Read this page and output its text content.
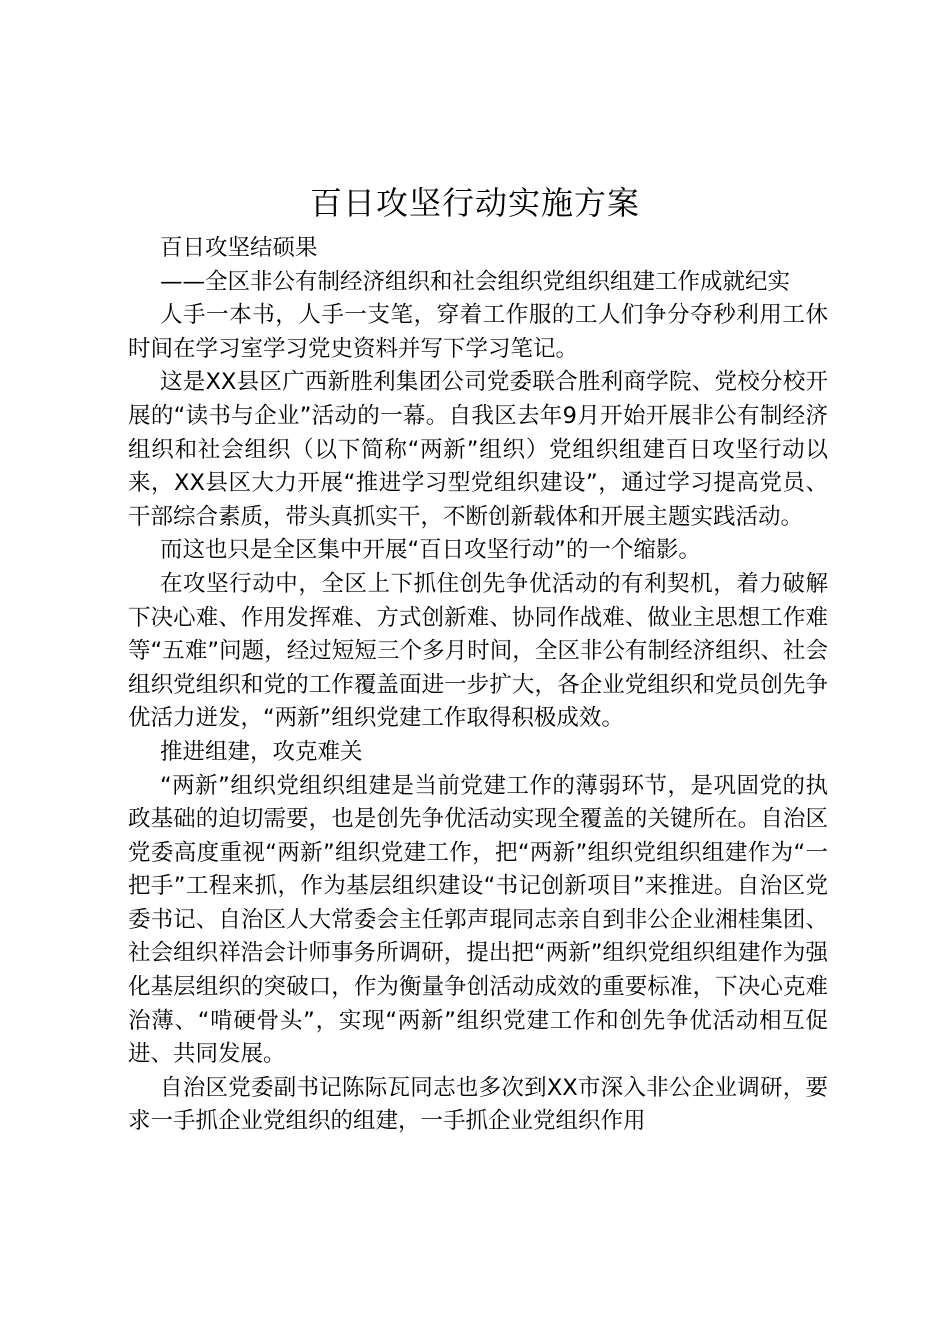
百日攻坚行动实施方案

百日攻坚结硕果

——全区非公有制经济组织和社会组织党组织组建工作成就纪实

人手一本书，人手一支笔，穿着工作服的工人们争分夺秒利用工休时间在学习室学习党史资料并写下学习笔记。

这是XX县区广西新胜利集团公司党委联合胜利商学院、党校分校开展的“读书与企业”活动的一幕。自我区去年9月开始开展非公有制经济组织和社会组织（以下简称“两新”组织）党组织组建百日攻坚行动以来，XX县区大力开展“推进学习型党组织建设”，通过学习提高党员、干部综合素质，带头真抓实干，不断创新载体和开展主题实践活动。

而这也只是全区集中开展“百日攻坚行动”的一个缩影。

在攻坚行动中，全区上下抓住创先争优活动的有利契机，着力破解下决心难、作用发挥难、方式创新难、协同作战难、做业主思想工作难等“五难”问题，经过短短三个多月时间，全区非公有制经济组织、社会组织党组织和党的工作覆盖面进一步扩大，各企业党组织和党员创先争优活力迸发，“两新”组织党建工作取得积极成效。

推进组建，攻克难关

“两新”组织党组织组建是当前党建工作的薄弱环节，是巩固党的执政基础的迫切需要，也是创先争优活动实现全覆盖的关键所在。自治区党委高度重视“两新”组织党建工作，把“两新”组织党组织组建作为“一把手”工程来抓，作为基层组织建设“书记创新项目”来推进。自治区党委书记、自治区人大常委会主任郭声琨同志亲自到非公企业湘桂集团、社会组织祥浩会计师事务所调研，提出把“两新”组织党组织组建作为强化基层组织的突破口，作为衡量争创活动成效的重要标准，下决心克难治薄、“啃硬骨头”，实现“两新”组织党建工作和创先争优活动相互促进、共同发展。

自治区党委副书记陈际瓦同志也多次到XX市深入非公企业调研，要求一手抓企业党组织的组建，一手抓企业党组织作用
